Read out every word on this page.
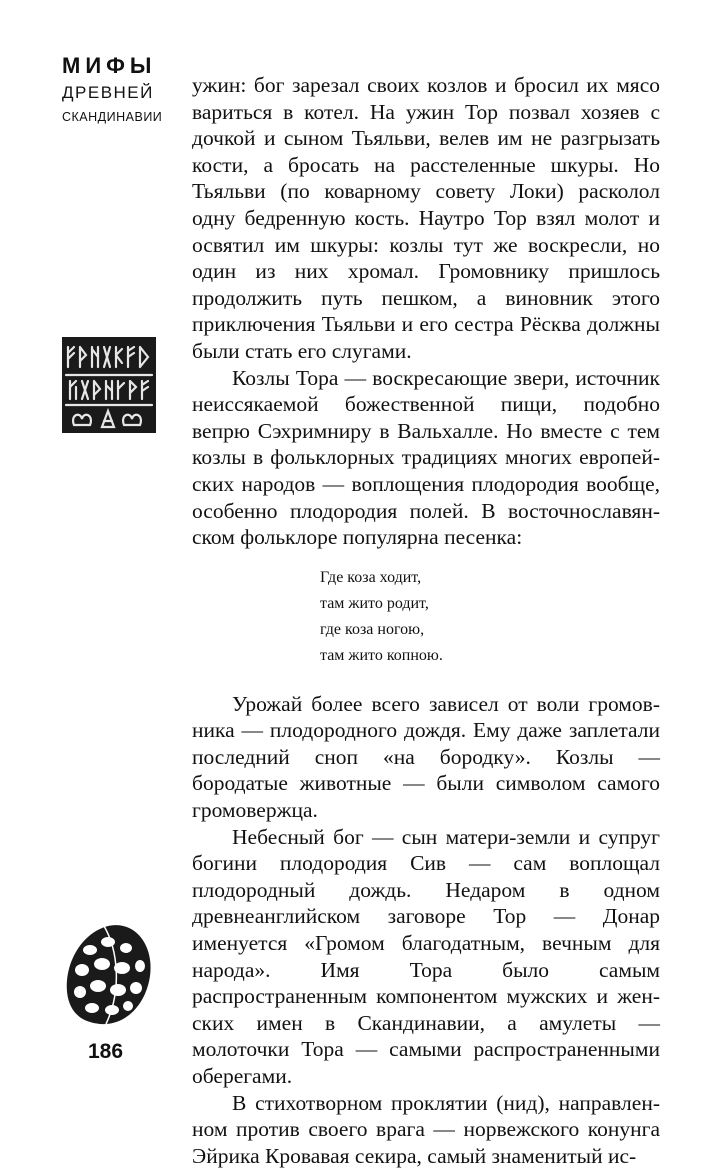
МИФЫ
ДРЕВНЕЙ
СКАНДИНАВИИ

ужин: бог зарезал своих козлов и бросил их мясо вариться в котел. На ужин Тор позвал хозяев с дочкой и сыном Тьяльви, велев им не разгрызать кости, а бросать на расстеленные шкуры. Но Тьяльви (по коварному совету Локи) расколол одну бедренную кость. Наутро Тор взял молот и освятил им шкуры: козлы тут же воскресли, но один из них хромал. Громовнику пришлось продолжить путь пешком, а виновник этого приключения Тьяльви и его сестра Рёсква должны были стать его слугами.

Козлы Тора — воскресающие звери, источник неиссякаемой божественной пищи, подобно вепрю Сэхримниру в Вальхалле. Но вместе с тем козлы в фольклорных традициях многих европейских народов — воплощения плодородия вообще, особенно плодородия полей. В восточнославянском фольклоре популярна песенка:

Где коза ходит,
там жито родит,
где коза ногою,
там жито копною.

Урожай более всего зависел от воли громовника — плодородного дождя. Ему даже заплетали последний сноп «на бородку». Козлы — бородатые животные — были символом самого громовержца.

Небесный бог — сын матери-земли и супруг богини плодородия Сив — сам воплощал плодородный дождь. Недаром в одном древнеанглийском заговоре Тор — Донар именуется «Громом благодатным, вечным для народа». Имя Тора было самым распространенным компонентом мужских и женских имен в Скандинавии, а амулеты — молоточки Тора — самыми распространенными оберегами.

В стихотворном проклятии (нид), направленном против своего врага — норвежского конунга Эйрика Кровавая секира, самый знаменитый ис-

186
